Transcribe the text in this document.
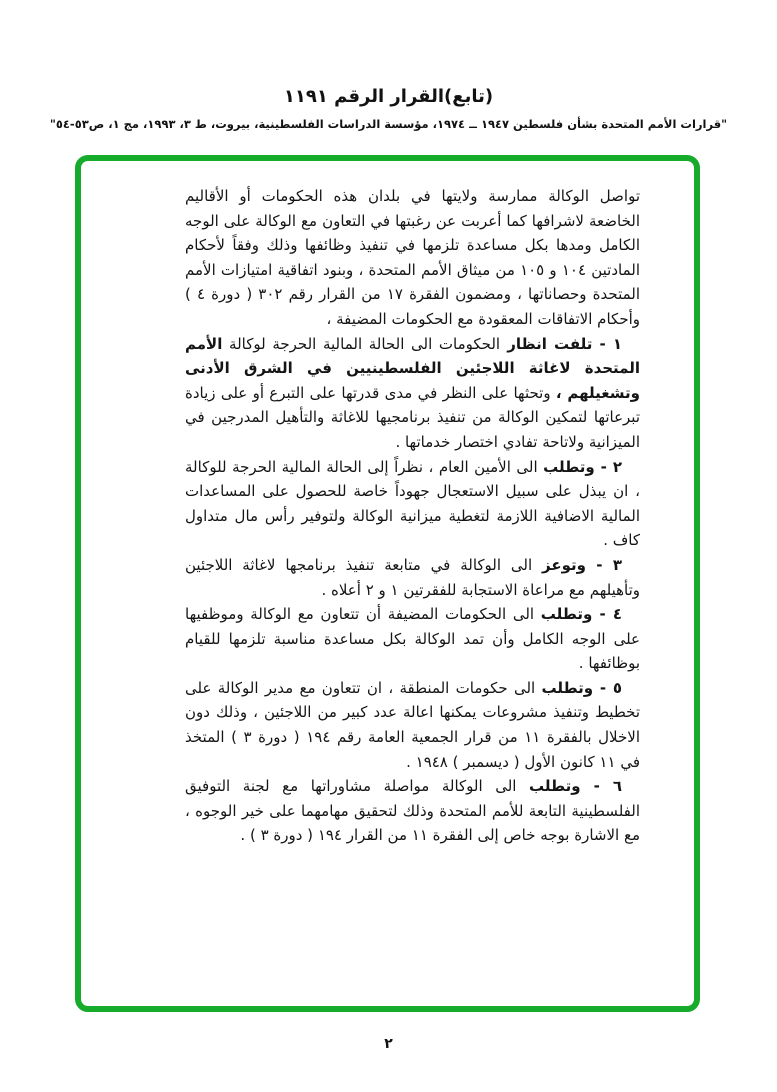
(تابع)القرار الرقم ١١٩١
"قرارات الأمم المتحدة بشأن فلسطين ١٩٤٧ ــ ١٩٧٤، مؤسسة الدراسات الفلسطينية، بيروت، ط ٣، ١٩٩٣، مج ١، ص٥٣-٥٤"

تواصل الوكالة ممارسة ولايتها في بلدان هذه الحكومات أو الأقاليم الخاضعة لاشرافها كما أعربت عن رغبتها في التعاون مع الوكالة على الوجه الكامل ومدها بكل مساعدة تلزمها في تنفيذ وظائفها وذلك وفقاً لأحكام المادتين ١٠٤ و ١٠٥ من ميثاق الأمم المتحدة ، وبنود اتفاقية امتيازات الأمم المتحدة وحصاناتها ، ومضمون الفقرة ١٧ من القرار رقم ٣٠٢ ( دورة ٤ ) وأحكام الاتفاقات المعقودة مع الحكومات المضيفة ،

١ - تلفت انظار الحكومات الى الحالة المالية الحرجة لوكالة الأمم المتحدة لاغاثة اللاجئين الفلسطينيين في الشرق الأدنى وتشغيلهم ، وتحثها على النظر في مدى قدرتها على التبرع أو على زيادة تبرعاتها لتمكين الوكالة من تنفيذ برنامجيها للاغاثة والتأهيل المدرجين في الميزانية ولاتاحة تفادي اختصار خدماتها .

٢ - وتطلب الى الأمين العام ، نظراً إلى الحالة المالية الحرجة للوكالة ، ان يبذل على سبيل الاستعجال جهوداً خاصة للحصول على المساعدات المالية الاضافية اللازمة لتغطية ميزانية الوكالة ولتوفير رأس مال متداول كاف .

٣ - وتوعز الى الوكالة في متابعة تنفيذ برنامجها لاغاثة اللاجئين وتأهيلهم مع مراعاة الاستجابة للفقرتين ١ و ٢ أعلاه .

٤ - وتطلب الى الحكومات المضيفة أن تتعاون مع الوكالة وموظفيها على الوجه الكامل وأن تمد الوكالة بكل مساعدة مناسبة تلزمها للقيام بوظائفها .

٥ - وتطلب الى حكومات المنطقة ، ان تتعاون مع مدير الوكالة على تخطيط وتنفيذ مشروعات يمكنها اعالة عدد كبير من اللاجئين ، وذلك دون الاخلال بالفقرة ١١ من قرار الجمعية العامة رقم ١٩٤ ( دورة ٣ ) المتخذ في ١١ كانون الأول ( ديسمبر ) ١٩٤٨ .

٦ - وتطلب الى الوكالة مواصلة مشاوراتها مع لجنة التوفيق الفلسطينية التابعة للأمم المتحدة وذلك لتحقيق مهامهما على خير الوجوه ، مع الاشارة بوجه خاص إلى الفقرة ١١ من القرار ١٩٤ ( دورة ٣ ) .

٢
